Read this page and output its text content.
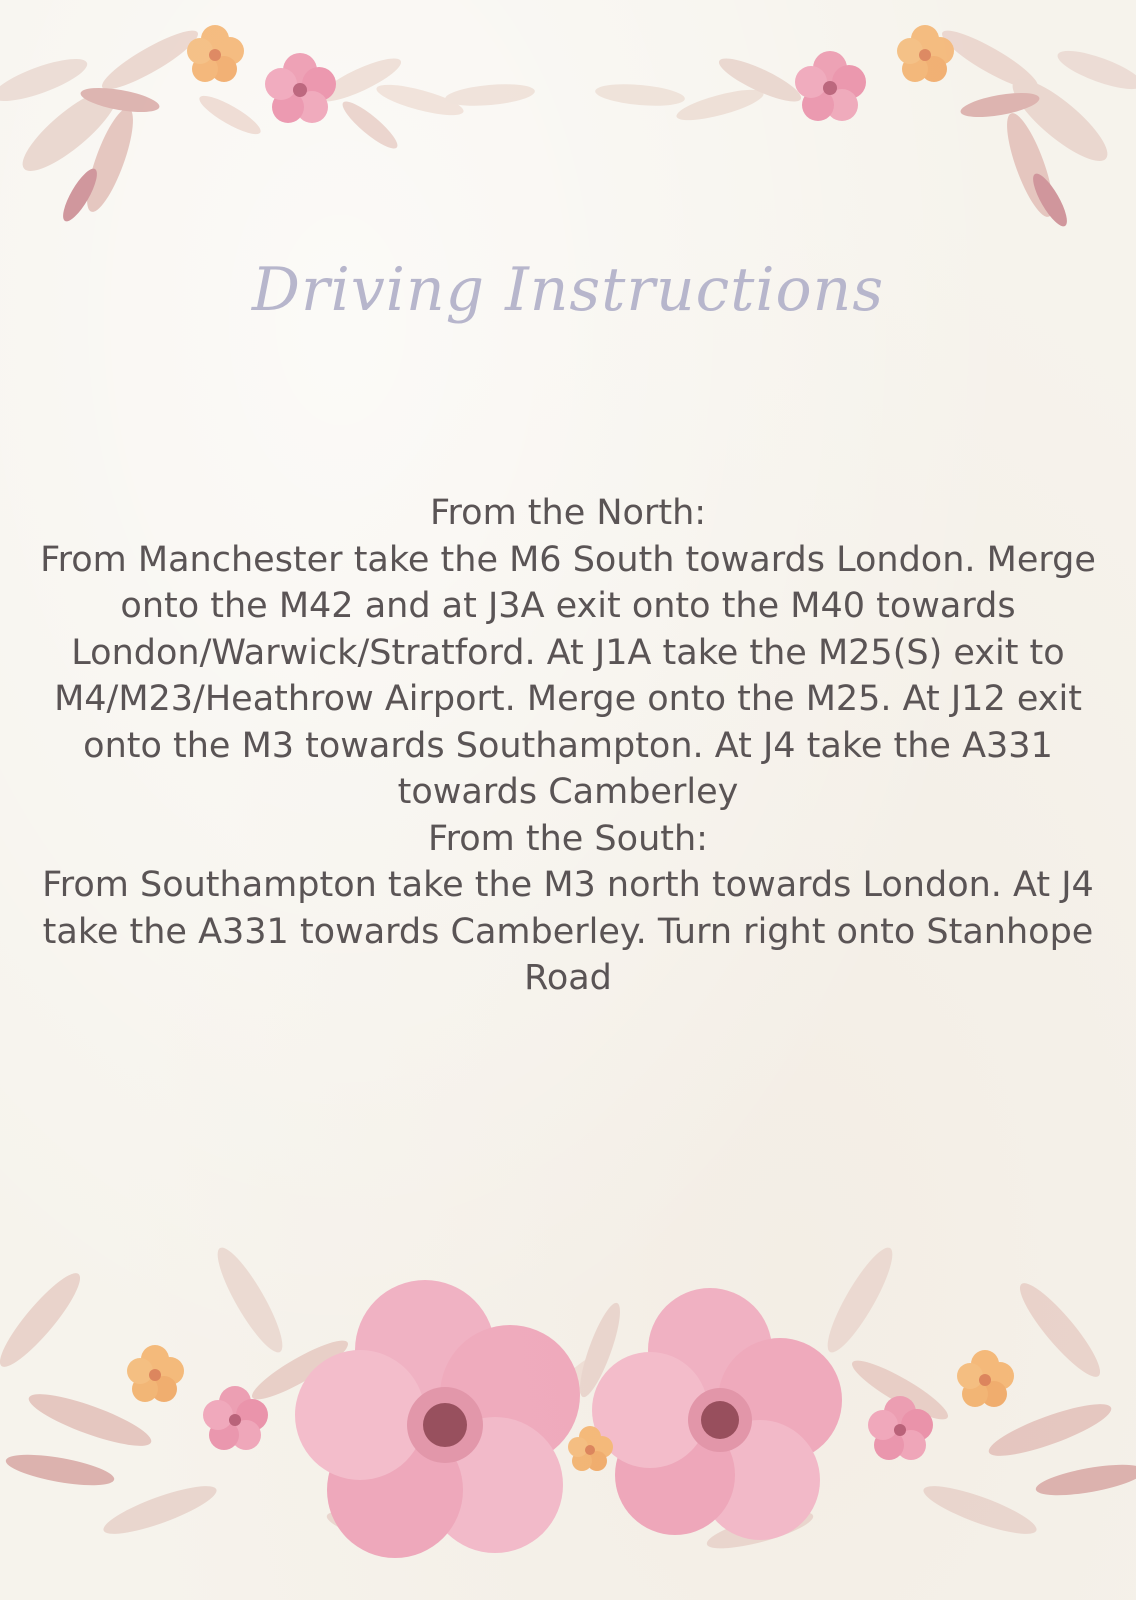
Driving Instructions

From the North:

From Manchester take the M6 South towards London. Merge onto the M42 and at J3A exit onto the M40 towards London/Warwick/Stratford. At J1A take the M25(S) exit to M4/M23/Heathrow Airport. Merge onto the M25. At J12 exit onto the M3 towards Southampton. At J4 take the A331 towards Camberley

From the South:

From Southampton take the M3 north towards London. At J4 take the A331 towards Camberley. Turn right onto Stanhope Road
